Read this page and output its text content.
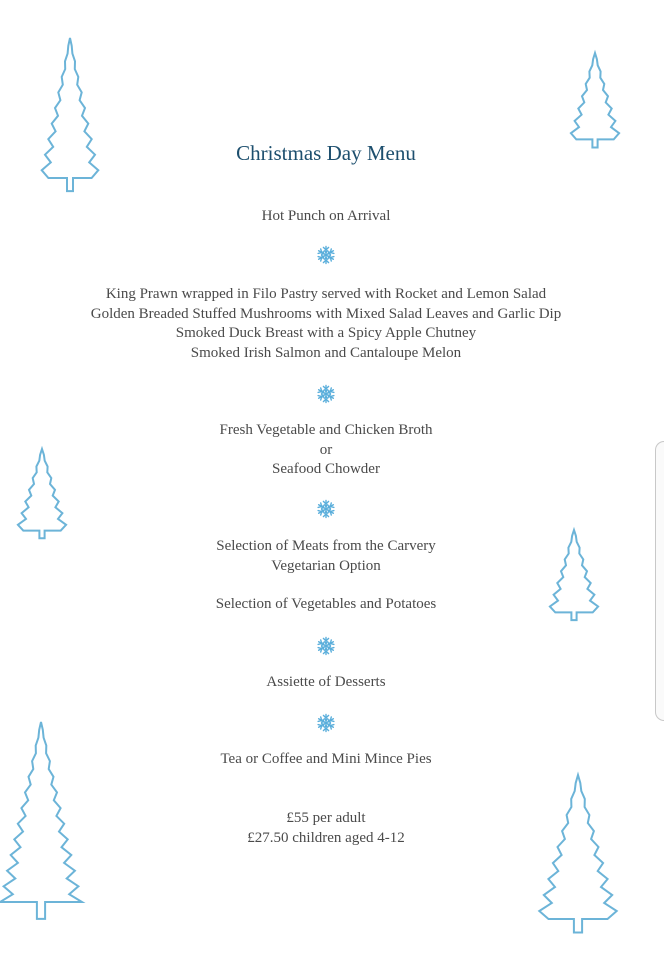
Christmas Day Menu

Hot Punch on Arrival

King Prawn wrapped in Filo Pastry served with Rocket and Lemon Salad

Golden Breaded Stuffed Mushrooms with Mixed Salad Leaves and Garlic Dip

Smoked Duck Breast with a Spicy Apple Chutney

Smoked Irish Salmon and Cantaloupe Melon

Fresh Vegetable and Chicken Broth

or

Seafood Chowder

Selection of Meats from the Carvery

Vegetarian Option

Selection of Vegetables and Potatoes

Assiette of Desserts

Tea or Coffee and Mini Mince Pies

£55 per adult

£27.50 children aged 4-12
